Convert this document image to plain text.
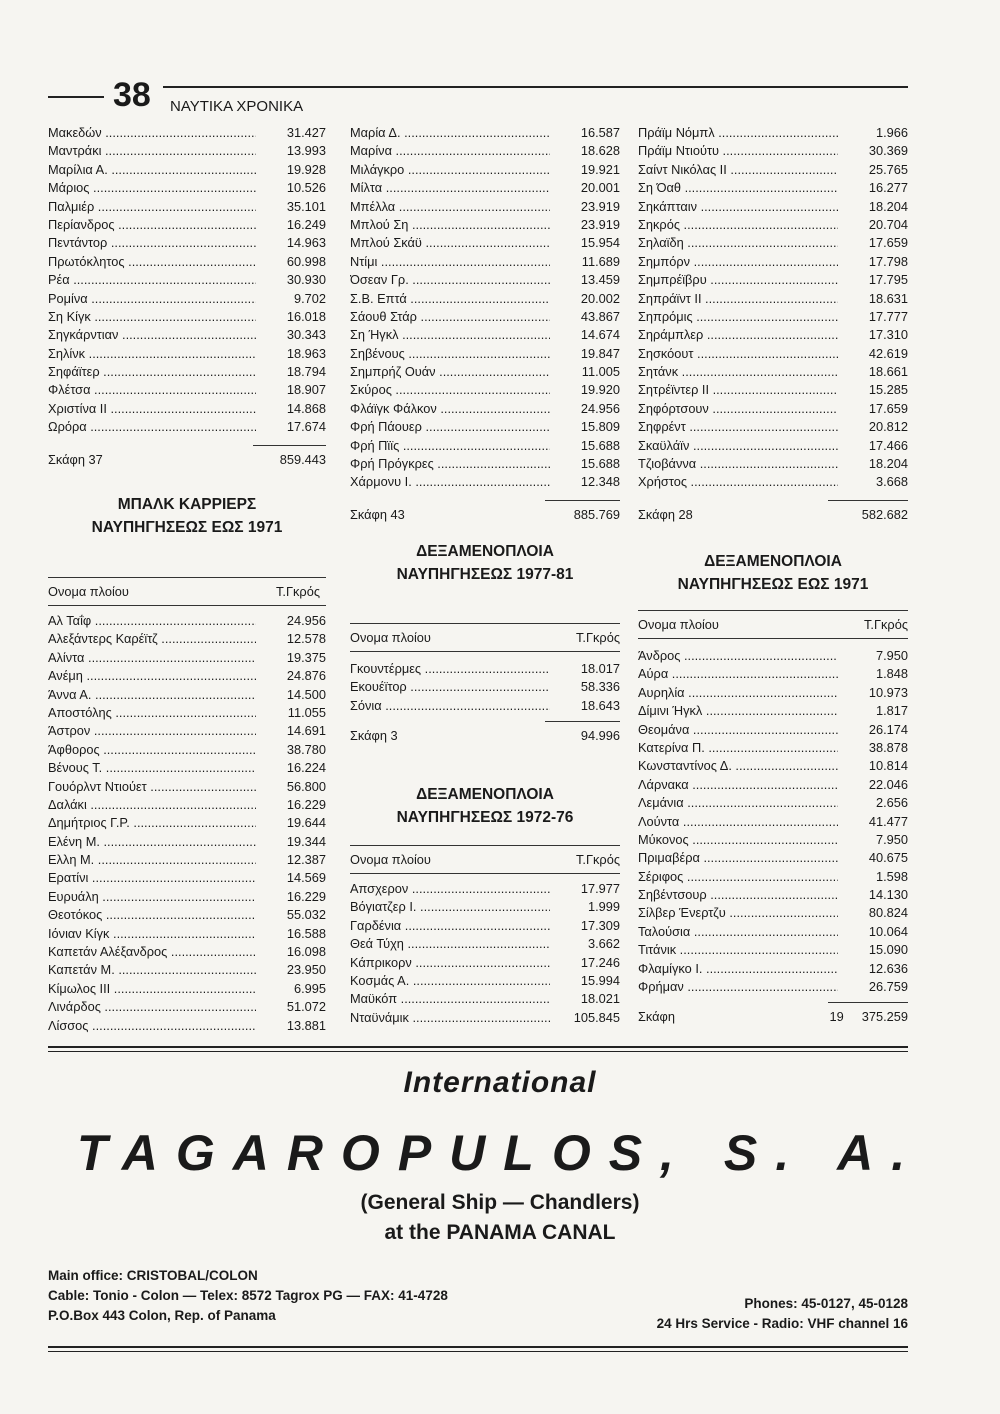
38 ΝΑΥΤΙΚΑ ΧΡΟΝΙΚΑ
Μακεδών .....	31.427
Μαντράκι .....	13.993
Μαρίλια Α. .....	19.928
Μάριος .....	10.526
Παλμιέρ .....	35.101
Περίανδρος .....	16.249
Πεντάντορ .....	14.963
Πρωτόκλητος .....	60.998
Ρέα .....	30.930
Ρομίνα .....	9.702
Ση Κίγκ .....	16.018
Σηγκάρντιαν .....	30.343
Σηλίνκ .....	18.963
Σηφάϊτερ .....	18.794
Φλέτσα .....	18.907
Χριστίνα ΙΙ .....	14.868
Ωρόρα .....	17.674
Σκάφη 37	859.443
ΜΠΑΛΚ ΚΑΡΡΙΕΡΣ
ΝΑΥΠΗΓΗΣΕΩΣ ΕΩΣ 1971
Ονομα πλοίου	Τ.Γκρός
Αλ Ταΐφ .....	24.956
Αλεξάντερς Καρέϊτζ .....	12.578
Αλίντα .....	19.375
Ανέμη .....	24.876
Άννα Α. .....	14.500
Αποστόλης .....	11.055
Άστρον .....	14.691
Άφθορος .....	38.780
Βένους Τ. .....	16.224
Γουόρλντ Ντιούετ .....	56.800
Δαλάκι .....	16.229
Δημήτριος Γ.Ρ. .....	19.644
Ελένη Μ. .....	19.344
Ελλη Μ. .....	12.387
Ερατίνι .....	14.569
Ευρυάλη .....	16.229
Θεοτόκος .....	55.032
Ιόνιαν Κίγκ .....	16.588
Καπετάν Αλέξανδρος .....	16.098
Καπετάν Μ. .....	23.950
Κίμωλος ΙΙΙ .....	6.995
Λινάρδος .....	51.072
Λίσσος .....	13.881
Μαρία Δ. .....	16.587
Μαρίνα .....	18.628
Μιλάγκρο .....	19.921
Μίλτα .....	20.001
Μπέλλα .....	23.919
Μπλού Ση .....	23.919
Μπλού Σκάϋ .....	15.954
Ντίμι .....	11.689
Όσεαν Γρ. .....	13.459
Σ.Β. Επτά .....	20.002
Σάουθ Στάρ .....	43.867
Ση Ήγκλ .....	14.674
Σηβένους .....	19.847
Σημπρήζ Ουάν .....	11.005
Σκύρος .....	19.920
Φλάϊγκ Φάλκον .....	24.956
Φρή Πάουερ .....	15.809
Φρή Πϊϊς .....	15.688
Φρή Πρόγκρες .....	15.688
Χάρμονυ Ι. .....	12.348
Σκάφη 43	885.769
ΔΕΞΑΜΕΝΟΠΛΟΙΑ
ΝΑΥΠΗΓΗΣΕΩΣ 1977-81
Ονομα πλοίου	Τ.Γκρός
Γκουντέρμες .....	18.017
Εκουέϊτορ .....	58.336
Σόνια .....	18.643
Σκάφη 3	94.996
ΔΕΞΑΜΕΝΟΠΛΟΙΑ
ΝΑΥΠΗΓΗΣΕΩΣ 1972-76
Ονομα πλοίου	Τ.Γκρός
Απσχερον .....	17.977
Βόγιατζερ Ι. .....	1.999
Γαρδένια .....	17.309
Θεά Τύχη .....	3.662
Κάπρικορν .....	17.246
Κοσμάς Α. .....	15.994
Μαϋκόπ .....	18.021
Νταϋνάμικ .....	105.845
Πράϊμ Νόμπλ .....	1.966
Πράϊμ Ντιούτυ .....	30.369
Σαίντ Νικόλας ΙΙ .....	25.765
Ση Όαθ .....	16.277
Σηκάπταιν .....	18.204
Σηκρός .....	20.704
Σηλαϊδη .....	17.659
Σημπόρν .....	17.798
Σημπρέϊβρυ .....	17.795
Σηπράϊντ ΙΙ .....	18.631
Σηπρόμις .....	17.777
Σηράμπλερ .....	17.310
Σησκόουτ .....	42.619
Σητάνκ .....	18.661
Σητρέϊντερ ΙΙ .....	15.285
Σηφόρτσουν .....	17.659
Σηφρέντ .....	20.812
Σκαϋλάϊν .....	17.466
Τζιοβάννα .....	18.204
Χρήστος .....	3.668
Σκάφη 28	582.682
ΔΕΞΑΜΕΝΟΠΛΟΙΑ
ΝΑΥΠΗΓΗΣΕΩΣ ΕΩΣ 1971
Ονομα πλοίου	Τ.Γκρός
Άνδρος .....	7.950
Αύρα .....	1.848
Αυρηλία .....	10.973
Δίμινι Ήγκλ .....	1.817
Θεομάνα .....	26.174
Κατερίνα Π. .....	38.878
Κωνσταντίνος Δ. .....	10.814
Λάρνακα .....	22.046
Λεμάνια .....	2.656
Λούντα .....	41.477
Μύκονος .....	7.950
Πριμαβέρα .....	40.675
Σέριφος .....	1.598
Σηβέντσουρ .....	14.130
Σίλβερ Ένερτζυ .....	80.824
Ταλούσια .....	10.064
Τιτάνικ .....	15.090
Φλαμίγκο Ι. .....	12.636
Φρήμαν .....	26.759
Σκάφη	19 375.259
International
TAGAROPULOS, S. A.
(General Ship — Chandlers)
at the PANAMA CANAL
Main office: CRISTOBAL/COLON
Cable: Tonio - Colon — Telex: 8572 Tagrox PG — FAX: 41-4728
P.O.Box 443 Colon, Rep. of Panama
Phones: 45-0127, 45-0128
24 Hrs Service - Radio: VHF channel 16
